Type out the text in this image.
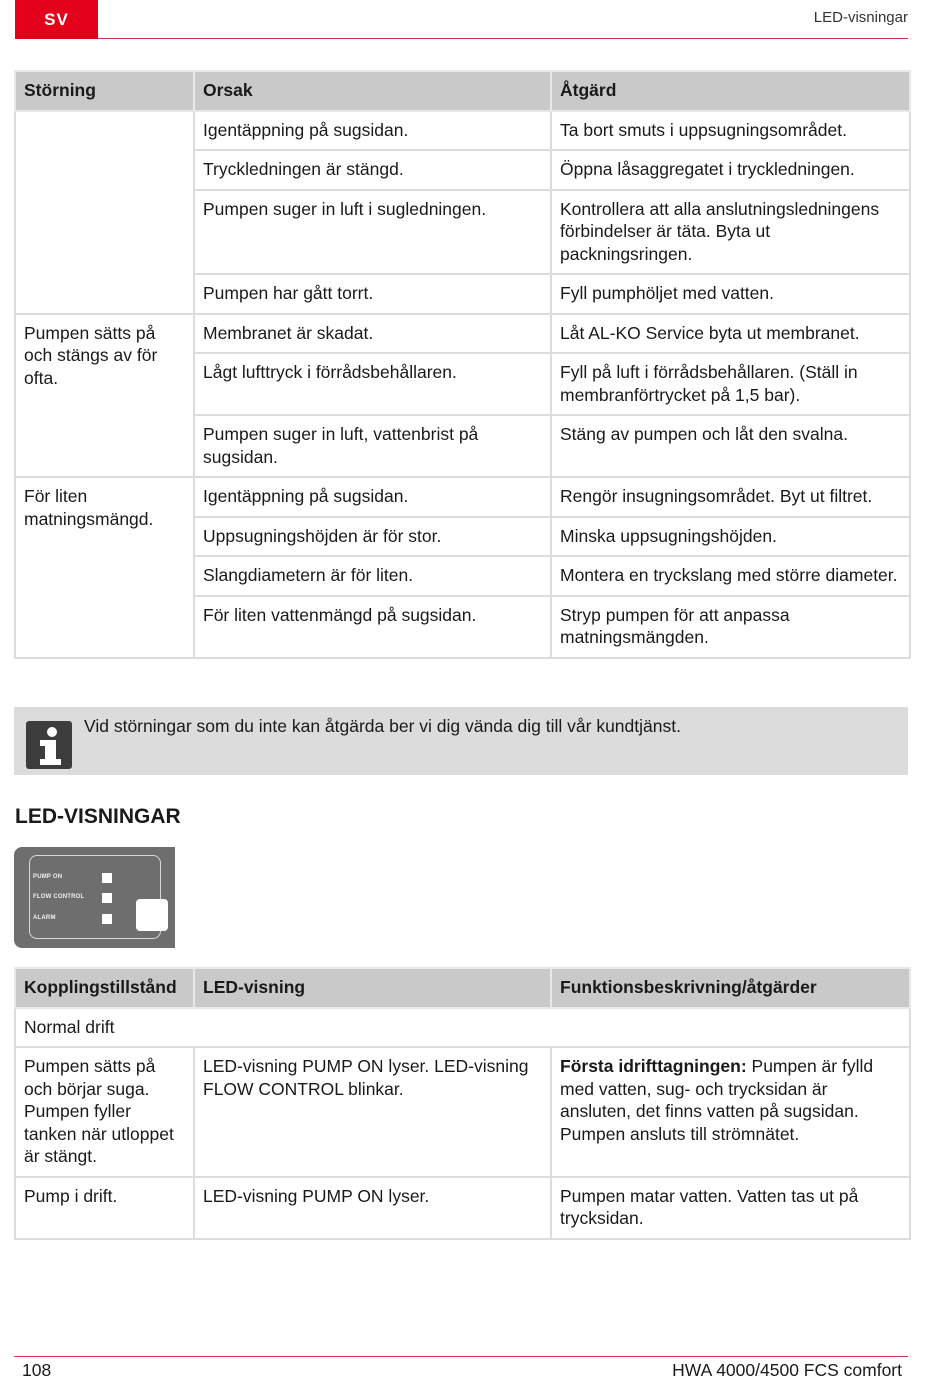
SV	LED-visningar
Störning	Orsak	Åtgärd
	Igentäppning på sugsidan.	Ta bort smuts i uppsugningsområdet.
	Tryckledningen är stängd.	Öppna låsaggregatet i tryckledningen.
	Pumpen suger in luft i sugledningen.	Kontrollera att alla anslutningsledningens förbindelser är täta. Byta ut packningsringen.
	Pumpen har gått torrt.	Fyll pumphöljet med vatten.
Pumpen sätts på och stängs av för ofta.	Membranet är skadat.	Låt AL-KO Service byta ut membranet.
	Lågt lufttryck i förrådsbehållaren.	Fyll på luft i förrådsbehållaren. (Ställ in membranförtrycket på 1,5 bar).
	Pumpen suger in luft, vattenbrist på sugsidan.	Stäng av pumpen och låt den svalna.
För liten matningsmängd.	Igentäppning på sugsidan.	Rengör insugningsområdet. Byt ut filtret.
	Uppsugningshöjden är för stor.	Minska uppsugningshöjden.
	Slangdiametern är för liten.	Montera en tryckslang med större diameter.
	För liten vattenmängd på sugsidan.	Stryp pumpen för att anpassa matningsmängden.
Vid störningar som du inte kan åtgärda ber vi dig vända dig till vår kundtjänst.
LED-VISNINGAR
PUMP ON
FLOW CONTROL
ALARM
Kopplingstillstånd	LED-visning	Funktionsbeskrivning/åtgärder
Normal drift		
Pumpen sätts på och börjar suga. Pumpen fyller tanken när utloppet är stängt.	LED-visning PUMP ON lyser. LED-visning FLOW CONTROL blinkar.	Första idrifttagningen: Pumpen är fylld med vatten, sug- och trycksidan är ansluten, det finns vatten på sugsidan. Pumpen ansluts till strömnätet.
Pump i drift.	LED-visning PUMP ON lyser.	Pumpen matar vatten. Vatten tas ut på trycksidan.
108	HWA 4000/4500 FCS comfort
